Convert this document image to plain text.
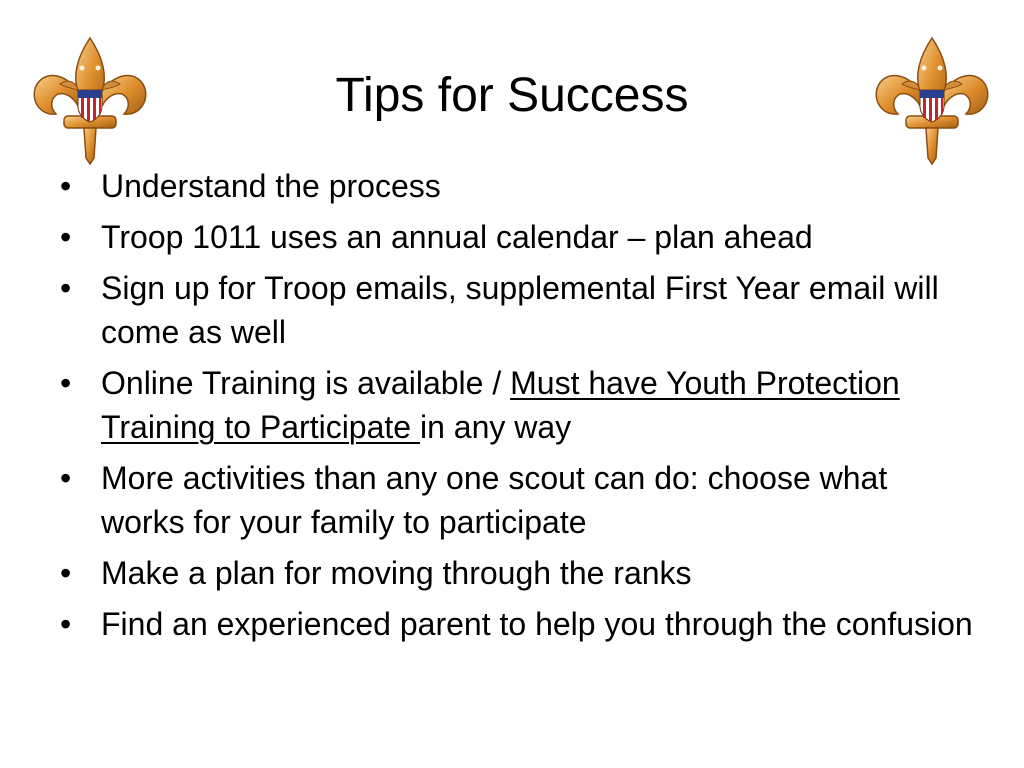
Tips for Success
• Understand the process
• Troop 1011 uses an annual calendar – plan ahead
• Sign up for Troop emails, supplemental First Year email will come as well
• Online Training is available / Must have Youth Protection Training to Participate in any way
• More activities than any one scout can do: choose what works for your family to participate
• Make a plan for moving through the ranks
• Find an experienced parent to help you through the confusion
